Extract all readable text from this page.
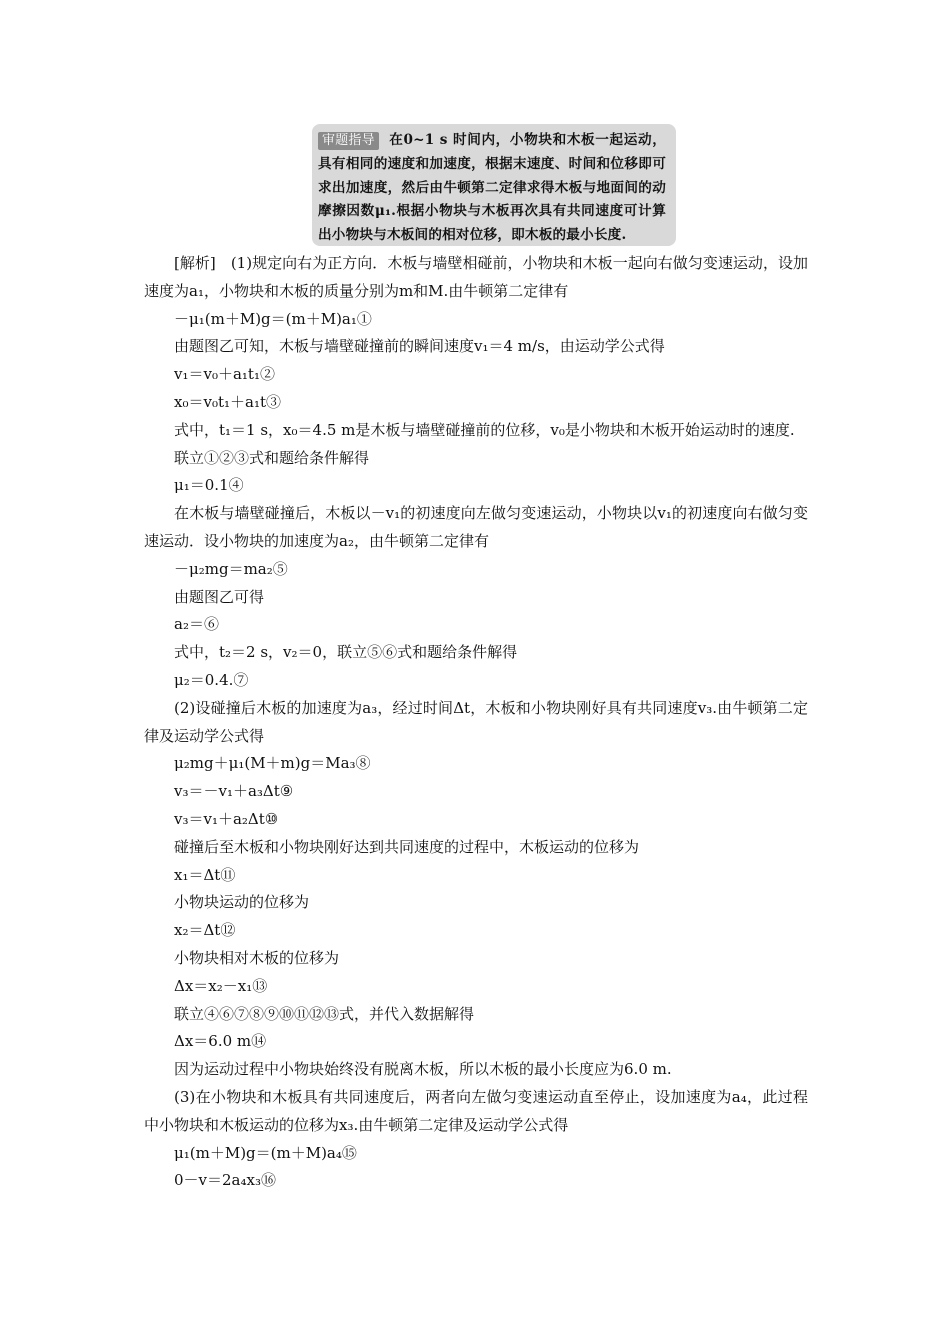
审题指导 在0~1 s 时间内，小物块和木板一起运动，具有相同的速度和加速度，根据末速度、时间和位移即可求出加速度，然后由牛顿第二定律求得木板与地面间的动摩擦因数μ₁.根据小物块与木板再次具有共同速度可计算出小物块与木板间的相对位移，即木板的最小长度.

[解析]　(1)规定向右为正方向．木板与墙壁相碰前，小物块和木板一起向右做匀变速运动，设加速度为a₁，小物块和木板的质量分别为m和M.由牛顿第二定律有

－μ₁(m＋M)g＝(m＋M)a₁①

由题图乙可知，木板与墙壁碰撞前的瞬间速度v₁＝4 m/s，由运动学公式得

v₁＝v₀＋a₁t₁②

x₀＝v₀t₁＋a₁t③

式中，t₁＝1 s，x₀＝4.5 m是木板与墙壁碰撞前的位移，v₀是小物块和木板开始运动时的速度.

联立①②③式和题给条件解得

μ₁＝0.1④

在木板与墙壁碰撞后，木板以－v₁的初速度向左做匀变速运动，小物块以v₁的初速度向右做匀变速运动．设小物块的加速度为a₂，由牛顿第二定律有

－μ₂mg＝ma₂⑤

由题图乙可得

a₂＝⑥

式中，t₂＝2 s，v₂＝0，联立⑤⑥式和题给条件解得

μ₂＝0.4.⑦

(2)设碰撞后木板的加速度为a₃，经过时间Δt，木板和小物块刚好具有共同速度v₃.由牛顿第二定律及运动学公式得

μ₂mg＋μ₁(M＋m)g＝Ma₃⑧

v₃＝－v₁＋a₃Δt⑨

v₃＝v₁＋a₂Δt⑩

碰撞后至木板和小物块刚好达到共同速度的过程中，木板运动的位移为

x₁＝Δt⑪

小物块运动的位移为

x₂＝Δt⑫

小物块相对木板的位移为

Δx＝x₂－x₁⑬

联立④⑥⑦⑧⑨⑩⑪⑫⑬式，并代入数据解得

Δx＝6.0 m⑭

因为运动过程中小物块始终没有脱离木板，所以木板的最小长度应为6.0 m.

(3)在小物块和木板具有共同速度后，两者向左做匀变速运动直至停止，设加速度为a₄，此过程中小物块和木板运动的位移为x₃.由牛顿第二定律及运动学公式得

μ₁(m＋M)g＝(m＋M)a₄⑮

0－v＝2a₄x₃⑯
